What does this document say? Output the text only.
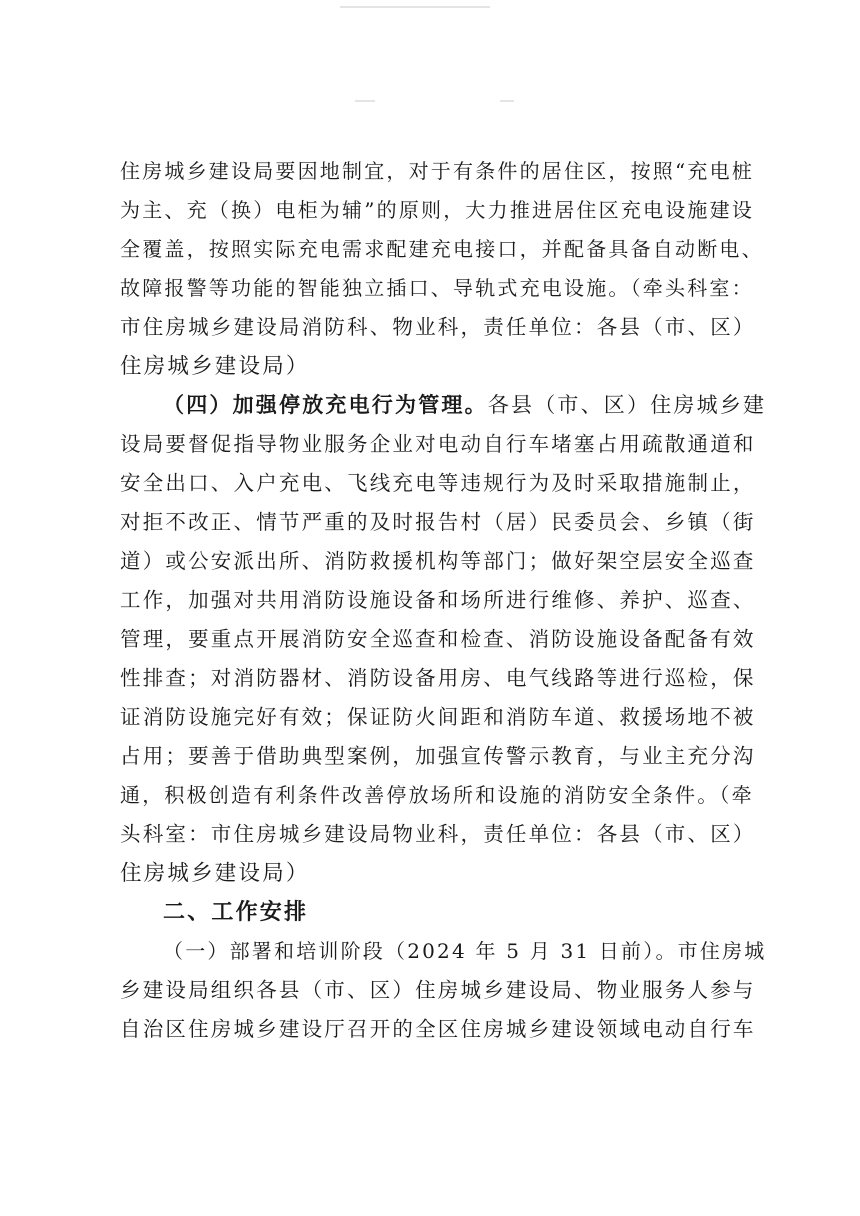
住房城乡建设局要因地制宜，对于有条件的居住区，按照“充电桩
为主、充（换）电柜为辅”的原则，大力推进居住区充电设施建设
全覆盖，按照实际充电需求配建充电接口，并配备具备自动断电、
故障报警等功能的智能独立插口、导轨式充电设施。（牵头科室：
市住房城乡建设局消防科、物业科，责任单位：各县（市、区）
住房城乡建设局）
（四）加强停放充电行为管理。各县（市、区）住房城乡建
设局要督促指导物业服务企业对电动自行车堵塞占用疏散通道和
安全出口、入户充电、飞线充电等违规行为及时采取措施制止，
对拒不改正、情节严重的及时报告村（居）民委员会、乡镇（街
道）或公安派出所、消防救援机构等部门；做好架空层安全巡查
工作，加强对共用消防设施设备和场所进行维修、养护、巡查、
管理，要重点开展消防安全巡查和检查、消防设施设备配备有效
性排查；对消防器材、消防设备用房、电气线路等进行巡检，保
证消防设施完好有效；保证防火间距和消防车道、救援场地不被
占用；要善于借助典型案例，加强宣传警示教育，与业主充分沟
通，积极创造有利条件改善停放场所和设施的消防安全条件。（牵
头科室：市住房城乡建设局物业科，责任单位：各县（市、区）
住房城乡建设局）
二、工作安排
（一）部署和培训阶段（2024 年 5 月 31 日前）。市住房城
乡建设局组织各县（市、区）住房城乡建设局、物业服务人参与
自治区住房城乡建设厅召开的全区住房城乡建设领域电动自行车
